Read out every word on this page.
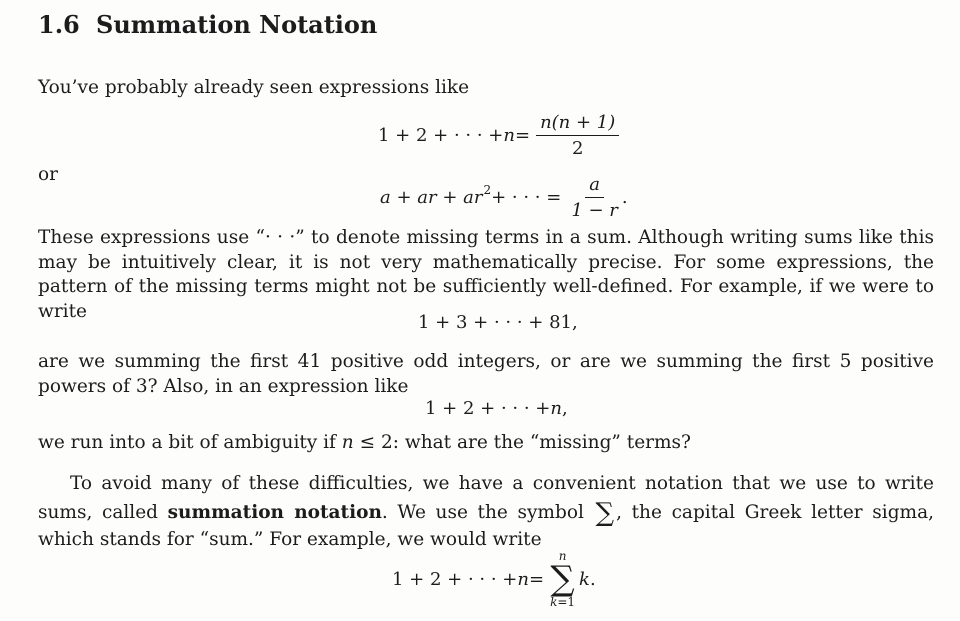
1.6 Summation Notation

You’ve probably already seen expressions like

1 + 2 + · · · + $n = \frac{n(n + 1)}{2}$

or

a + ar + ar 2 + · · · = $\frac{a}{1 - r}$ .

These expressions use “· · ·” to denote missing terms in a sum. Although writing sums like this may be intuitively clear, it is not very mathematically precise. For some expressions, the pattern of the missing terms might not be sufficiently well-defined. For example, if we were to write

1 + 3 + · · · + 81,

are we summing the first 41 positive odd integers, or are we summing the first 5 positive powers of 3? Also, in an expression like

1 + 2 + · · · + n ,

we run into a bit of ambiguity if n ≤ 2: what are the “missing” terms?

To avoid many of these difficulties, we have a convenient notation that we use to write sums, called summation notation. We use the symbol ∑ , the capital Greek letter sigma, which stands for “sum.” For example, we would write

1 + 2 + · · · + n =
n
∑
k=1
k .
